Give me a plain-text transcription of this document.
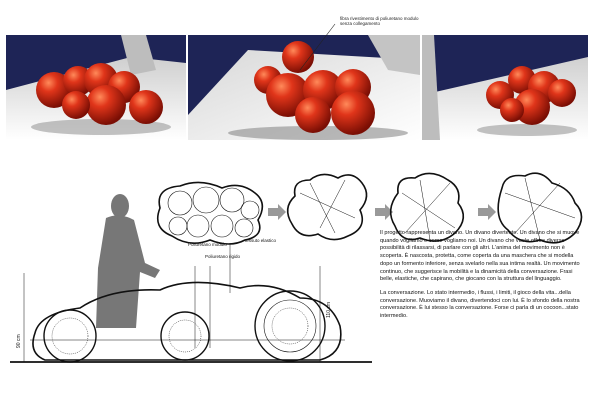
fibra rivestimento di poliuretano modulo senza collegamento
tessuto elastico
Poliuretano modulo
Poliuretano rigido
90 cm
110 cm

Il progetto rappresenta un divano. Un divano divertente. Un divano che si muove quando vogliamo e come vogliamo noi. Un divano che vuole offrire diverse possibilità di rilassarsi, di parlare con gli altri. L'anima del movimento non è scoperta. È nascosta, protetta, come coperta da una maschera che si modella dopo un formento inferiore, senza svelarlo nella sua intima realtà. Un movimento continuo, che suggerisce la mobilità e la dinamicità della conversazione. Frasi belle, elastiche, che capirano, che giocano con la struttura del linguaggio.

La conversazione. Lo stato intermedio, i flussi, i limiti, il gioco della vita...della conversazione. Muoviamo il divano, divertendoci con lui. È lo sfondo della nostra conversazione. È lui stesso la conversazione. Forse ci parla di un cocoon...stato intermedio.
